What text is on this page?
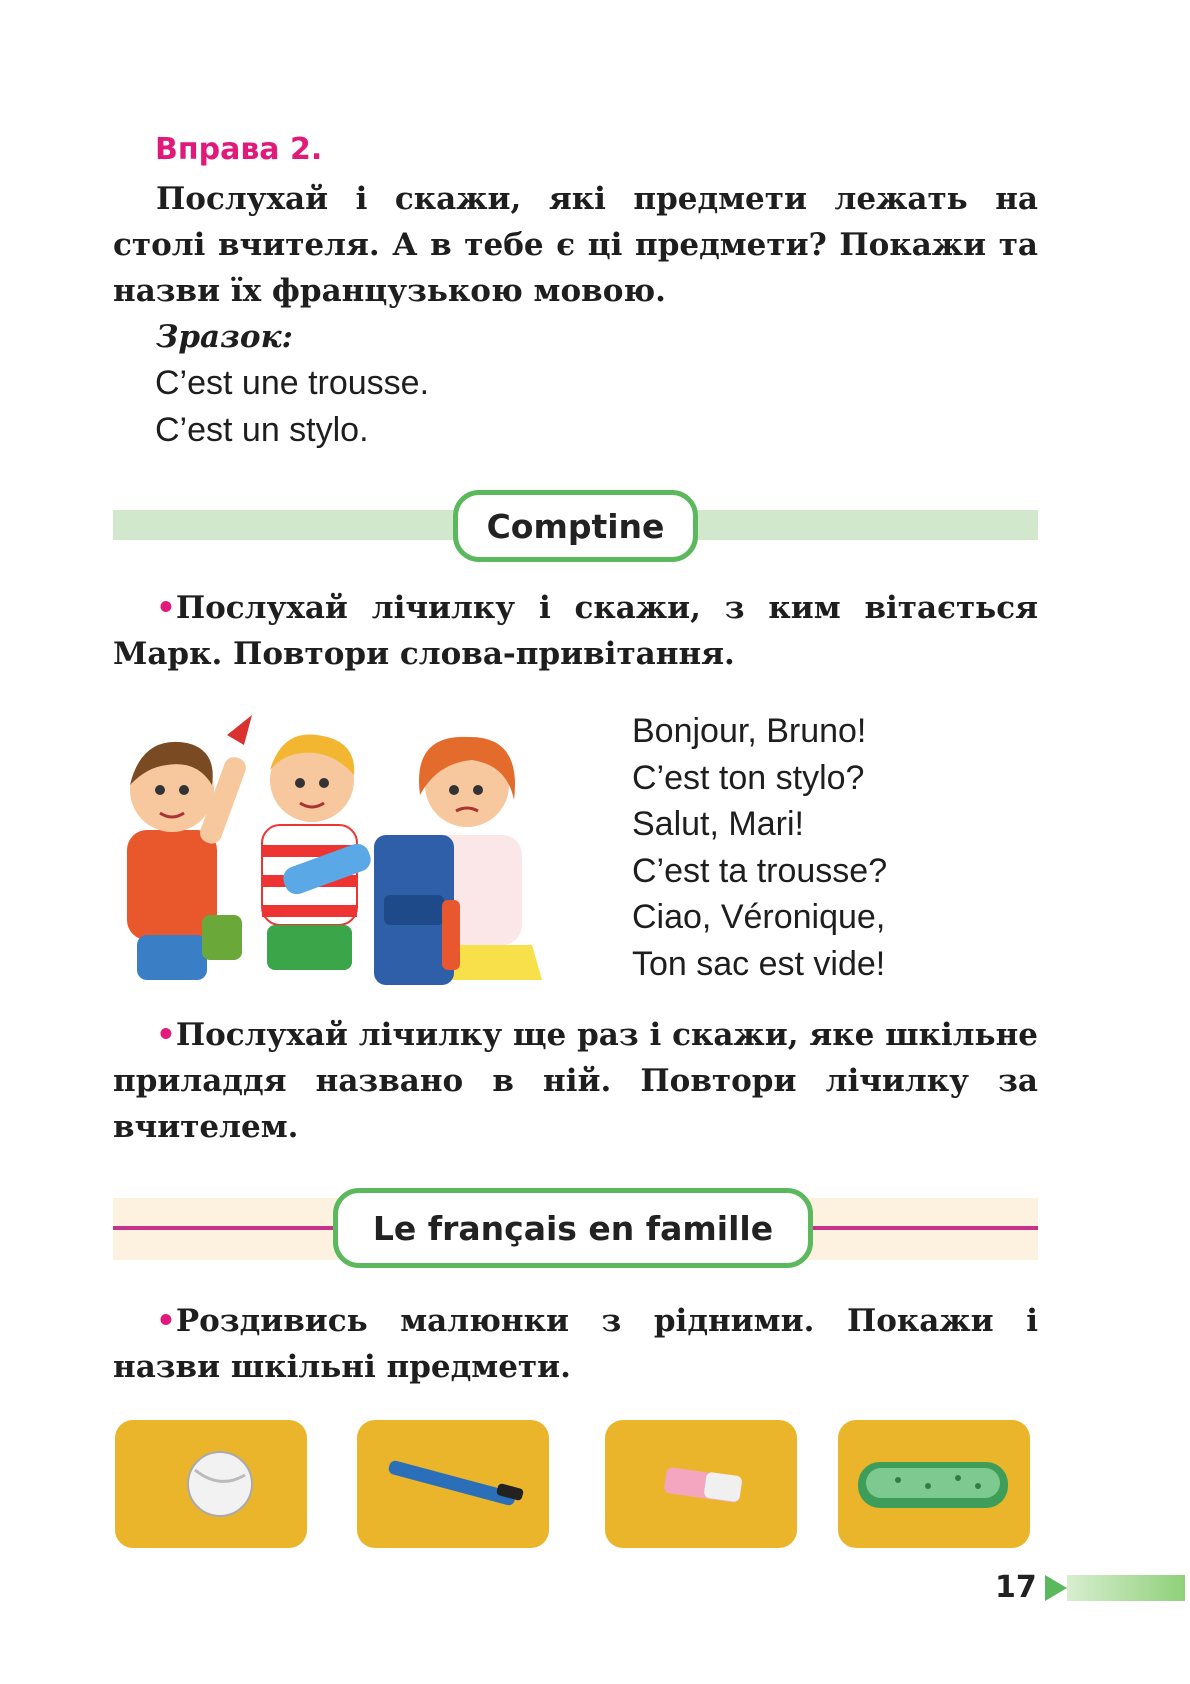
Вправа 2.

Послухай і скажи, які предмети лежать на столі вчителя. А в тебе є ці предмети? Покажи та назви їх французькою мовою.

Зразок:

C’est une trousse.
C’est un stylo.
Comptine

•Послухай лічилку і скажи, з ким вітається Марк. Повтори слова-привітання.

Bonjour, Bruno!
C’est ton stylo?
Salut, Mari!
C’est ta trousse?
Ciao, Véronique,
Ton sac est vide!

•Послухай лічилку ще раз і скажи, яке шкільне приладдя названо в ній. Повтори лічилку за вчителем.

Le français en famille

•Роздивись малюнки з рідними. Покажи і назви шкільні предмети.

17
